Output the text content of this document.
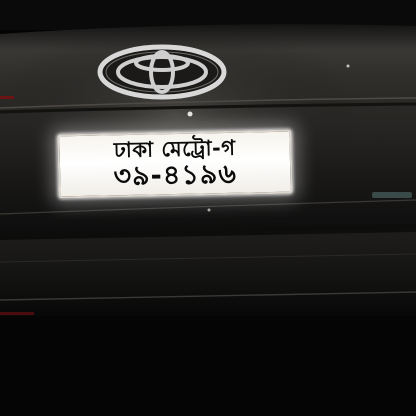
ঢাকা মেট্রো-গ
৩৯-৪১৯৬
